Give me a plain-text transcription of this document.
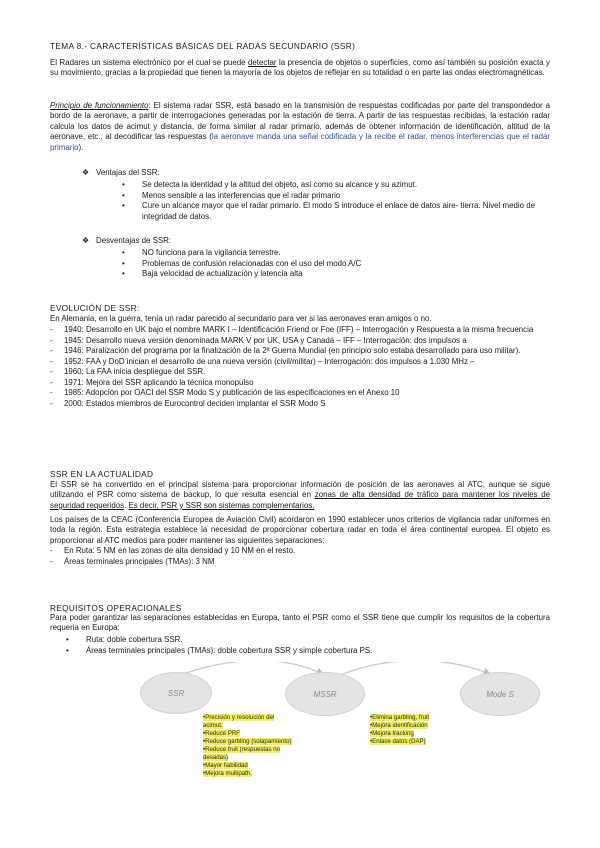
TEMA 8.- CARACTERÍSTICAS BÁSICAS DEL RADAS SECUNDARIO (SSR)
El Radares un sistema electrónico por el cual se puede detectar la presencia de objetos o superficies, como así también su posición exacta y su movimiento, gracias a la propiedad que tienen la mayoría de los objetos de reflejar en su totalidad o en parte las ondas electromagnéticas.
Principio de funcionamiento: El sistema radar SSR, está basado en la transmisión de respuestas codificadas por parte del transpondedor a bordo de la aeronave, a partir de interrogaciones generadas por la estación de tierra. A partir de las respuestas recibidas, la estación radar calcula los datos de acimut y distancia, de forma similar al radar primario, además de obtener información de identificación, altitud de la aeronave, etc., al decodificar las respuestas (la aeronave manda una señal codificada y la recibe el radar, menos interferencias que el radar primario).
❖ Ventajas del SSR:
• Se detecta la identidad y la altitud del objeto, así como su alcance y su azimut.
• Menos sensible a las interferencias que el radar primario
• Cure un alcance mayor que el radar primario. El modo S introduce el enlace de datos aire- tierra. Nivel medio de integridad de datos.
❖ Desventajas de SSR:
• NO funciona para la vigilancia terrestre.
• Problemas de confusión relacionadas con el uso del modo A/C
• Baja velocidad de actualización y latencia alta
EVOLUCIÓN DE SSR:
En Alemania, en la guerra, tenía un radar parecido al secundario para ver si las aeronaves eran amigos o no.
- 1940: Desarrollo en UK bajo el nombre MARK I – Identificación Friend or Foe (IFF) – Interrogación y Respuesta a la misma frecuencia
- 1945: Desarrollo nueva versión denominada MARK V por UK, USA y Canadá – IFF – Interrogación: dos impulsos a
- 1946: Paralización del programa por la finalización de la 2ª Guerra Mundial (en principio solo estaba desarrollado para uso militar).
- 1952: FAA y DoD inician el desarrollo de una nueva versión (civil/militar) – Interrogación: dos impulsos a 1.030 MHz –
- 1960: La FAA inicia despliegue del SSR.
- 1971: Mejora del SSR aplicando la técnica monopulso
- 1985: Adopción por OACI del SSR Modo S y publicación de las especificaciones en el Anexo 10
- 2000: Estados miembros de Eurocontrol deciden implantar el SSR Modo S
SSR EN LA ACTUALIDAD
El SSR se ha convertido en el principal sistema para proporcionar información de posición de las aeronaves al ATC, aunque se sigue utilizando el PSR como sistema de backup, lo que resulta esencial en zonas de alta densidad de tráfico para mantener los niveles de seguridad requeridos. Es decir, PSR y SSR son sistemas complementarios.
Los países de la CEAC (Conferencia Europea de Aviación Civil) acordaron en 1990 establecer unos criterios de vigilancia radar uniformes en toda la región. Esta estrategia establece la necesidad de proporcionar cobertura radar en toda el área continental europea. El objeto es proporcionar al ATC medios para poder mantener las siguientes separaciones:
- En Ruta: 5 NM en las zonas de alta densidad y 10 NM en el resto.
- Áreas terminales principales (TMAs): 3 NM
REQUISITOS OPERACIONALES
Para poder garantizar las separaciones establecidas en Europa, tanto el PSR como el SSR tiene que cumplir los requisitos de la cobertura requeria en Europa:
• Ruta: doble cobertura SSR.
• Áreas terminales principales (TMAs): doble cobertura SSR y simple cobertura PS.
SSR	MSSR	Mode S
•Precisión y resolución del
acimut.
•Reduce PRF
•Reduce garbling (solapamiento)
•Reduce fruit (respuestas no
desadas)
•Mayor fiabilidad
•Mejora multipath.
•Elimina garbling, fruit
•Mejora identificación
•Mejora tracking
•Enlace datos (DAP)
